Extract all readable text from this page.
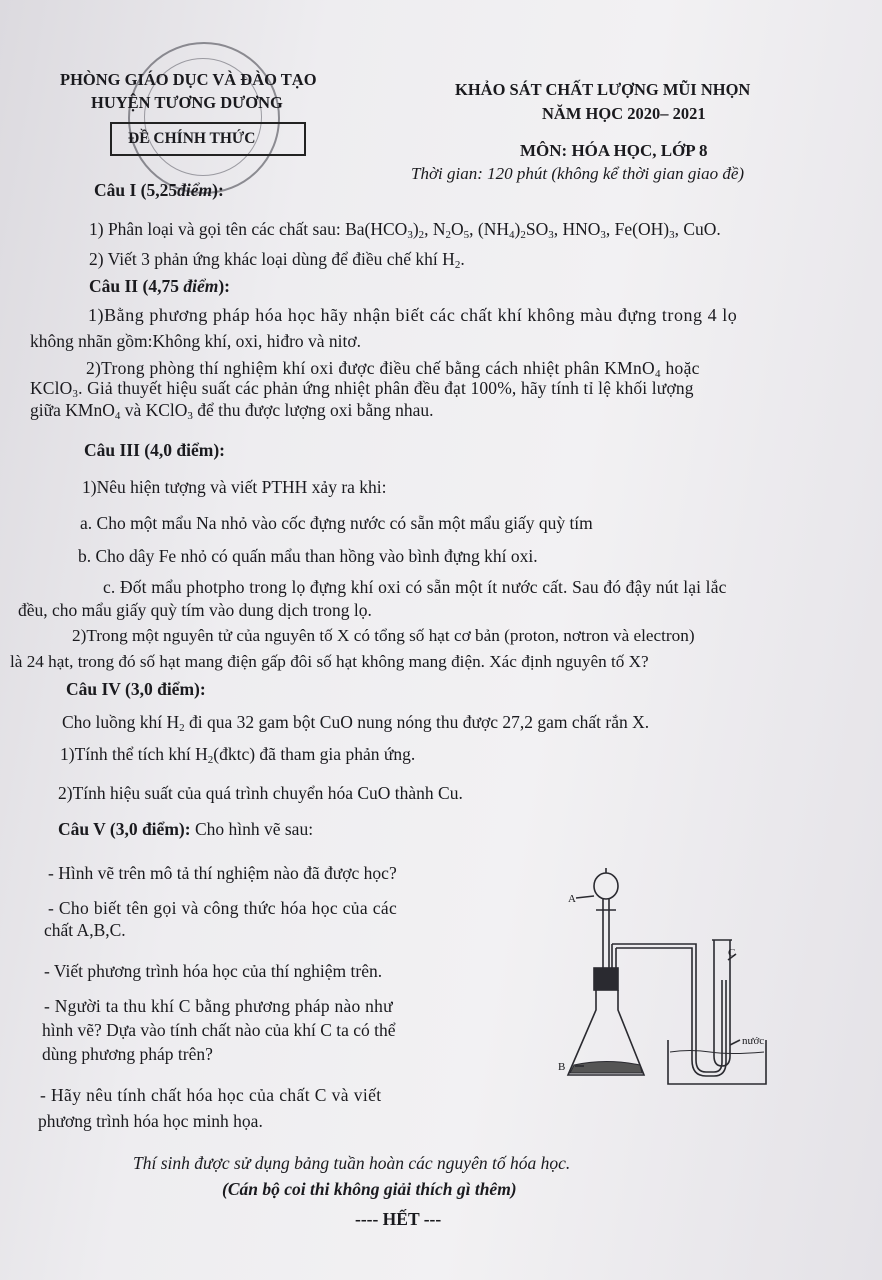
PHÒNG GIÁO DỤC VÀ ĐÀO TẠO
HUYỆN TƯƠNG DƯƠNG
ĐỀ CHÍNH THỨC
KHẢO SÁT CHẤT LƯỢNG MŨI NHỌN
NĂM HỌC 2020– 2021
MÔN: HÓA HỌC, LỚP 8
Thời gian: 120 phút (không kể thời gian giao đề)
Câu I (5,25điểm):
1) Phân loại và gọi tên các chất sau: $Ba(HCO_3)_2$, $N_2O_5$, $(NH_4)_2SO_3$, $HNO_3$, $Fe(OH)_3$, CuO.
2) Viết 3 phản ứng khác loại dùng để điều chế khí $H_2$.
Câu II (4,75 điểm):
1)Bằng phương pháp hóa học hãy nhận biết các chất khí không màu đựng trong 4 lọ
không nhãn gồm:Không khí, oxi, hiđro và nitơ.
2)Trong phòng thí nghiệm khí oxi được điều chế bằng cách nhiệt phân KMnO$_4$ hoặc
KClO$_3$. Giả thuyết hiệu suất các phản ứng nhiệt phân đều đạt 100%, hãy tính tỉ lệ khối lượng
giữa KMnO$_4$ và KClO$_3$ để thu được lượng oxi bằng nhau.
Câu III (4,0 điểm):
1)Nêu hiện tượng và viết PTHH xảy ra khi:
a. Cho một mẩu Na nhỏ vào cốc đựng nước có sẵn một mẩu giấy quỳ tím
b. Cho dây Fe nhỏ có quấn mẩu than hồng vào bình đựng khí oxi.
c. Đốt mẩu photpho trong lọ đựng khí oxi có sẵn một ít nước cất. Sau đó đậy nút lại lắc
đều, cho mẩu giấy quỳ tím vào dung dịch trong lọ.
2)Trong một nguyên tử của nguyên tố X có tổng số hạt cơ bản (proton, nơtron và electron)
là 24 hạt, trong đó số hạt mang điện gấp đôi số hạt không mang điện. Xác định nguyên tố X?
Câu IV (3,0 điểm):
Cho luồng khí $H_2$ đi qua 32 gam bột CuO nung nóng thu được 27,2 gam chất rắn X.
1)Tính thể tích khí $H_2(đktc)$ đã tham gia phản ứng.
2)Tính hiệu suất của quá trình chuyển hóa CuO thành Cu.
Câu V (3,0 điểm): Cho hình vẽ sau:
- Hình vẽ trên mô tả thí nghiệm nào đã được học?
- Cho biết tên gọi và công thức hóa học của các
chất A,B,C.
- Viết phương trình hóa học của thí nghiệm trên.
- Người ta thu khí C bằng phương pháp nào như
hình vẽ? Dựa vào tính chất nào của khí C ta có thể
dùng phương pháp trên?
- Hãy nêu tính chất hóa học của chất C và viết
phương trình hóa học minh họa.
A
C
nước
B
Thí sinh được sử dụng bảng tuần hoàn các nguyên tố hóa học.
(Cán bộ coi thi không giải thích gì thêm)
---- HẾT ---
